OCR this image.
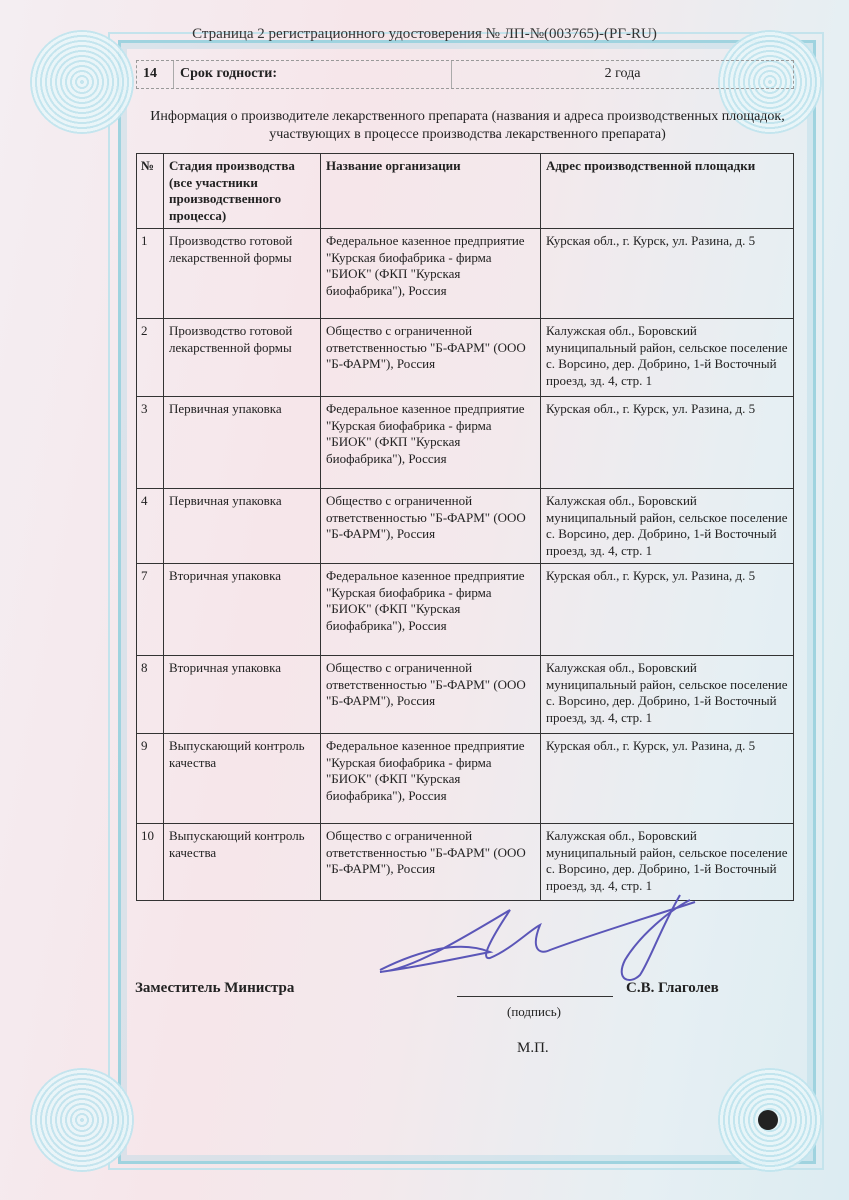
Страница 2 регистрационного удостоверения № ЛП-№(003765)-(РГ-RU)
14	Срок годности:	2 года
Информация о производителе лекарственного препарата (названия и адреса производственных площадок, участвующих в процессе производства лекарственного препарата)
№	Стадия производства (все участники производственного процесса)	Название организации	Адрес производственной площадки
1	Производство готовой лекарственной формы	Федеральное казенное предприятие "Курская биофабрика - фирма "БИОК" (ФКП "Курская биофабрика"), Россия	Курская обл., г. Курск, ул. Разина, д. 5
2	Производство готовой лекарственной формы	Общество с ограниченной ответственностью "Б-ФАРМ" (ООО "Б-ФАРМ"), Россия	Калужская обл., Боровский муниципальный район, сельское поселение с. Ворсино, дер. Добрино, 1-й Восточный проезд, зд. 4, стр. 1
3	Первичная упаковка	Федеральное казенное предприятие "Курская биофабрика - фирма "БИОК" (ФКП "Курская биофабрика"), Россия	Курская обл., г. Курск, ул. Разина, д. 5
4	Первичная упаковка	Общество с ограниченной ответственностью "Б-ФАРМ" (ООО "Б-ФАРМ"), Россия	Калужская обл., Боровский муниципальный район, сельское поселение с. Ворсино, дер. Добрино, 1-й Восточный проезд, зд. 4, стр. 1
7	Вторичная упаковка	Федеральное казенное предприятие "Курская биофабрика - фирма "БИОК" (ФКП "Курская биофабрика"), Россия	Курская обл., г. Курск, ул. Разина, д. 5
8	Вторичная упаковка	Общество с ограниченной ответственностью "Б-ФАРМ" (ООО "Б-ФАРМ"), Россия	Калужская обл., Боровский муниципальный район, сельское поселение с. Ворсино, дер. Добрино, 1-й Восточный проезд, зд. 4, стр. 1
9	Выпускающий контроль качества	Федеральное казенное предприятие "Курская биофабрика - фирма "БИОК" (ФКП "Курская биофабрика"), Россия	Курская обл., г. Курск, ул. Разина, д. 5
10	Выпускающий контроль качества	Общество с ограниченной ответственностью "Б-ФАРМ" (ООО "Б-ФАРМ"), Россия	Калужская обл., Боровский муниципальный район, сельское поселение с. Ворсино, дер. Добрино, 1-й Восточный проезд, зд. 4, стр. 1
Заместитель Министра	С.В. Глаголев
(подпись)
М.П.
